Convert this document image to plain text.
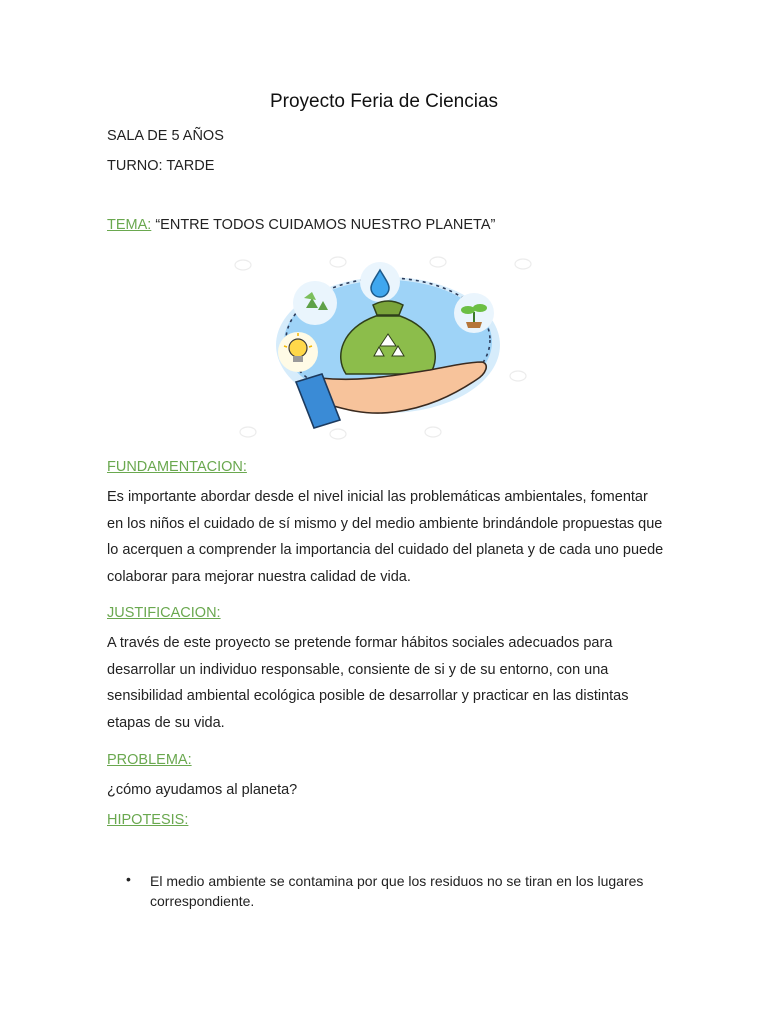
Proyecto Feria de Ciencias
SALA DE 5 AÑOS
TURNO: TARDE
TEMA: “ENTRE TODOS CUIDAMOS NUESTRO PLANETA”
FUNDAMENTACION:
Es importante abordar desde el nivel inicial las problemáticas ambientales, fomentar en los niños el cuidado de sí mismo y del medio ambiente brindándole propuestas que lo acerquen a comprender la importancia del cuidado del planeta y de cada uno puede colaborar para mejorar nuestra calidad de vida.
JUSTIFICACION:
A través de este proyecto se pretende formar hábitos sociales adecuados para desarrollar un individuo responsable, consiente de si y de su entorno, con una sensibilidad ambiental ecológica posible de desarrollar y practicar en las distintas etapas de su vida.
PROBLEMA:
¿cómo ayudamos al planeta?
HIPOTESIS:
• El medio ambiente se contamina por que los residuos no se tiran en los lugares correspondiente.
